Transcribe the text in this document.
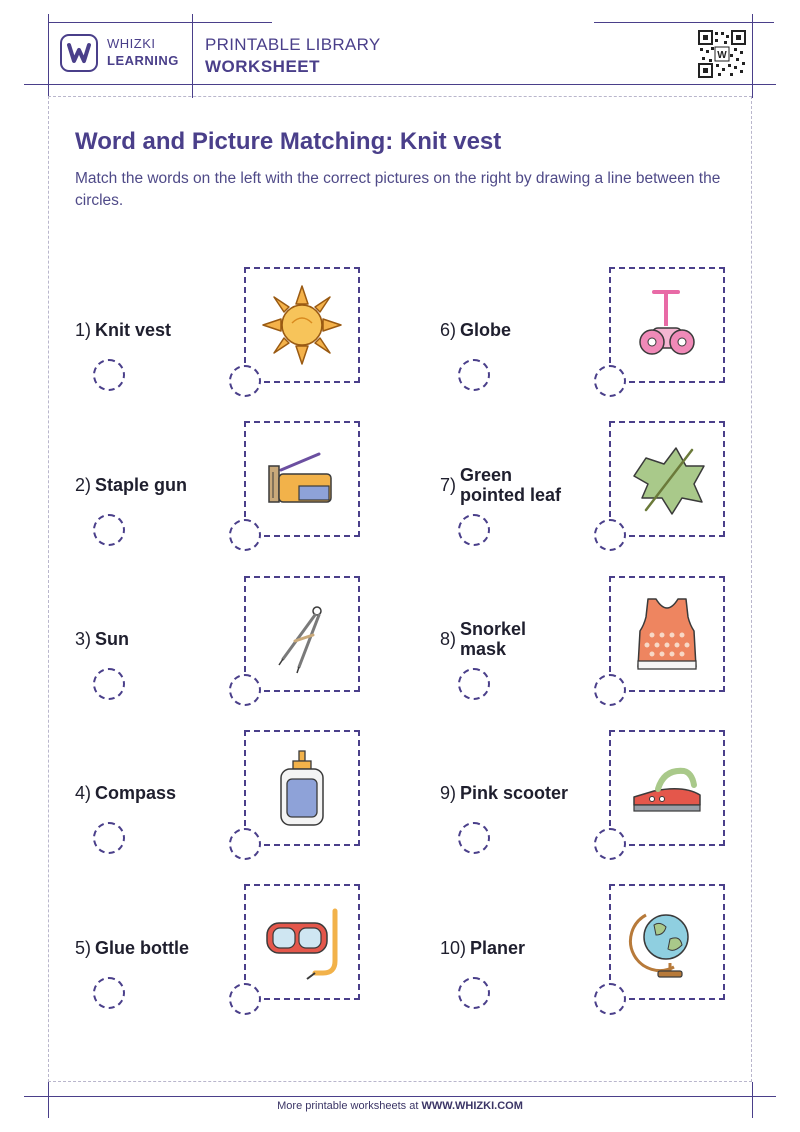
WHIZKI
LEARNING
PRINTABLE LIBRARY
WORKSHEET
W
Word and Picture Matching: Knit vest
Match the words on the left with the correct pictures on the right by drawing a line between the circles.
1) Knit vest
2) Staple gun
3) Sun
4) Compass
5) Glue bottle
6) Globe
7) Green
pointed leaf
8) Snorkel
mask
9) Pink scooter
10) Planer
More printable worksheets at WWW.WHIZKI.COM
